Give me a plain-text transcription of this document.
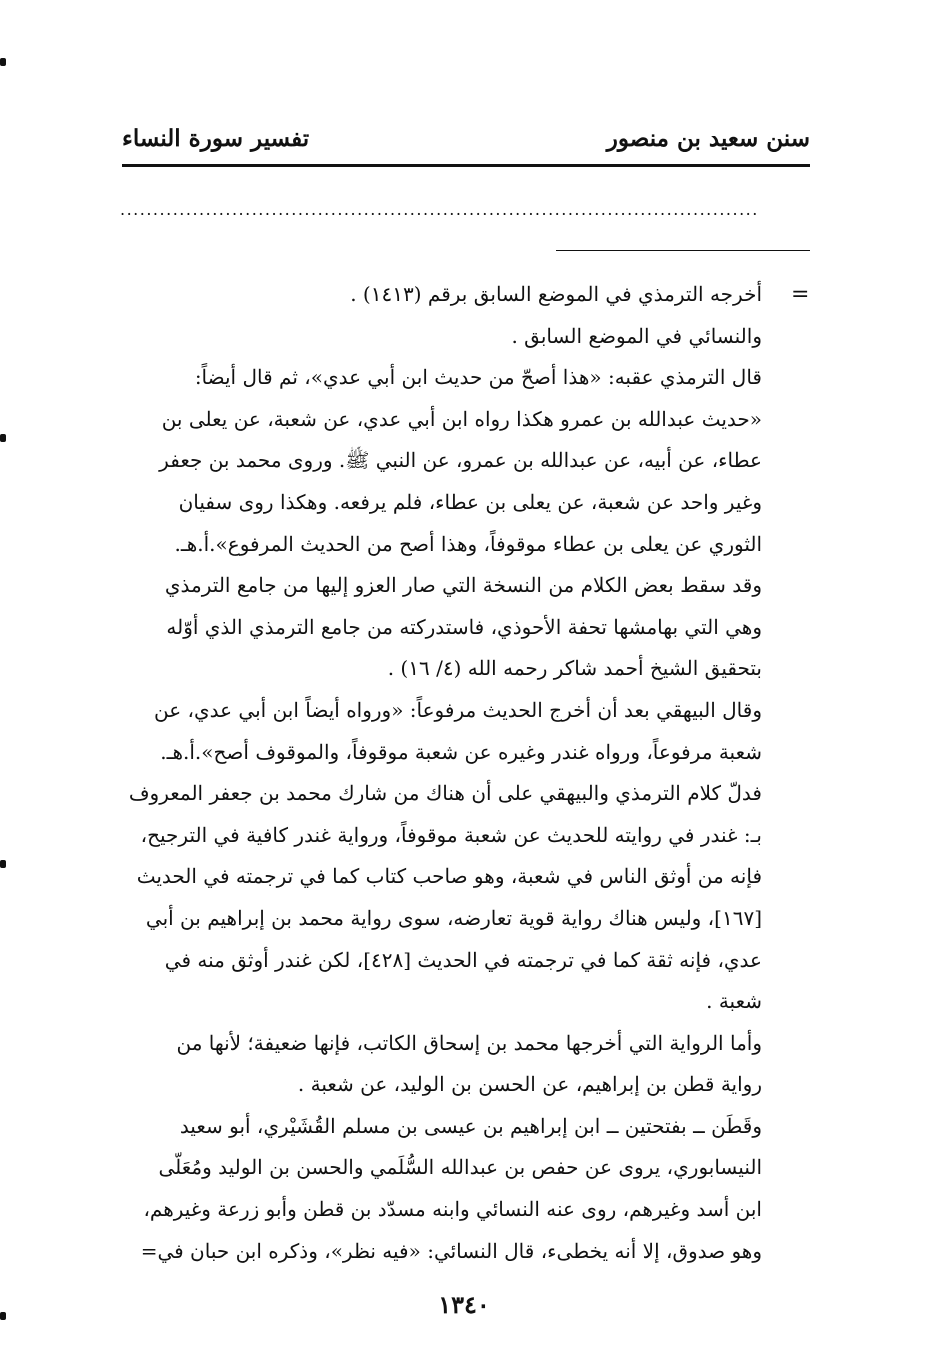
سنن سعيد بن منصور
تفسير سورة النساء
.................................................................................................
=
أخرجه الترمذي في الموضع السابق برقم (١٤١٣) .
والنسائي في الموضع السابق .
قال الترمذي عقبه: «هذا أصحّ من حديث ابن أبي عدي»، ثم قال أيضاً:
«حديث عبدالله بن عمرو هكذا رواه ابن أبي عدي، عن شعبة، عن يعلى بن
عطاء، عن أبيه، عن عبدالله بن عمرو، عن النبي ﷺ. وروى محمد بن جعفر
وغير واحد عن شعبة، عن يعلى بن عطاء، فلم يرفعه. وهكذا روى سفيان
الثوري عن يعلى بن عطاء موقوفاً، وهذا أصح من الحديث المرفوع».أ.هـ.
وقد سقط بعض الكلام من النسخة التي صار العزو إليها من جامع الترمذي
وهي التي بهامشها تحفة الأحوذي، فاستدركته من جامع الترمذي الذي أوّله
بتحقيق الشيخ أحمد شاكر رحمه الله (٤/ ١٦) .
وقال البيهقي بعد أن أخرج الحديث مرفوعاً: «ورواه أيضاً ابن أبي عدي، عن
شعبة مرفوعاً، ورواه غندر وغيره عن شعبة موقوفاً، والموقوف أصح».أ.هـ.
فدلّ كلام الترمذي والبيهقي على أن هناك من شارك محمد بن جعفر المعروف
بـ: غندر في روايته للحديث عن شعبة موقوفاً، ورواية غندر كافية في الترجيح،
فإنه من أوثق الناس في شعبة، وهو صاحب كتاب كما في ترجمته في الحديث
[١٦٧]، وليس هناك رواية قوية تعارضه، سوى رواية محمد بن إبراهيم بن أبي
عدي، فإنه ثقة كما في ترجمته في الحديث [٤٢٨]، لكن غندر أوثق منه في
شعبة .
وأما الرواية التي أخرجها محمد بن إسحاق الكاتب، فإنها ضعيفة؛ لأنها من
رواية قطن بن إبراهيم، عن الحسن بن الوليد، عن شعبة .
وقَطَن ــ بفتحتين ــ ابن إبراهيم بن عيسى بن مسلم القُشَيْري، أبو سعيد
النيسابوري، يروى عن حفص بن عبدالله السُّلَمي والحسن بن الوليد ومُعَلّى
ابن أسد وغيرهم، روى عنه النسائي وابنه مسدّد بن قطن وأبو زرعة وغيرهم،
وهو صدوق، إلا أنه يخطىء، قال النسائي: «فيه نظر»، وذكره ابن حبان في=
١٣٤٠
